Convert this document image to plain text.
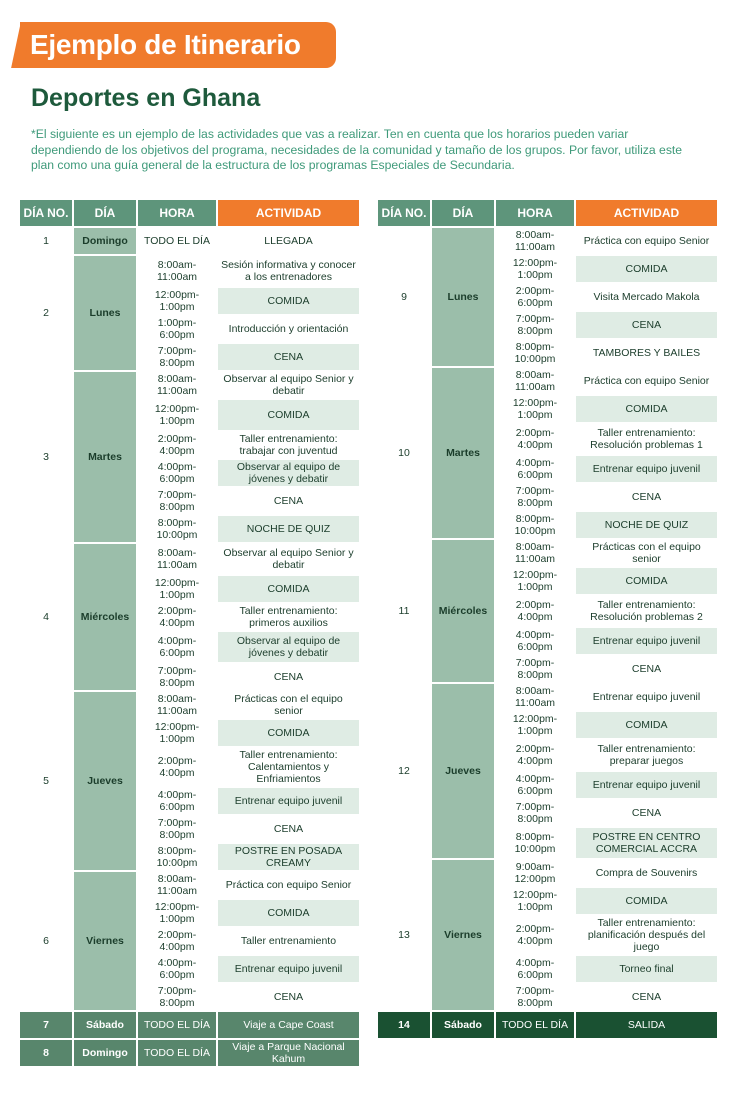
Ejemplo de Itinerario
Deportes en Ghana
*El siguiente es un ejemplo de las actividades que vas a realizar. Ten en cuenta que los horarios pueden variar dependiendo de los objetivos del programa, necesidades de la comunidad y tamaño de los grupos. Por favor, utiliza este plan como una guía general de la estructura de los programas Especiales de Secundaria.
DÍA NO.	DÍA	HORA	ACTIVIDAD
1	Domingo	TODO EL DÍA	LLEGADA
2	Lunes	8:00am-11:00am	Sesión informativa y conocer a los entrenadores
		12:00pm-1:00pm	COMIDA
		1:00pm-6:00pm	Introducción y orientación
		7:00pm-8:00pm	CENA
3	Martes	8:00am-11:00am	Observar al equipo Senior y debatir
		12:00pm-1:00pm	COMIDA
		2:00pm-4:00pm	Taller entrenamiento: trabajar con juventud
		4:00pm-6:00pm	Observar al equipo de jóvenes y debatir
		7:00pm-8:00pm	CENA
		8:00pm-10:00pm	NOCHE DE QUIZ
4	Miércoles	8:00am-11:00am	Observar al equipo Senior y debatir
		12:00pm-1:00pm	COMIDA
		2:00pm-4:00pm	Taller entrenamiento: primeros auxilios
		4:00pm-6:00pm	Observar al equipo de jóvenes y debatir
		7:00pm-8:00pm	CENA
5	Jueves	8:00am-11:00am	Prácticas con el equipo senior
		12:00pm-1:00pm	COMIDA
		2:00pm-4:00pm	Taller entrenamiento: Calentamientos y Enfriamientos
		4:00pm-6:00pm	Entrenar equipo juvenil
		7:00pm-8:00pm	CENA
		8:00pm-10:00pm	POSTRE EN POSADA CREAMY
6	Viernes	8:00am-11:00am	Práctica con equipo Senior
		12:00pm-1:00pm	COMIDA
		2:00pm-4:00pm	Taller entrenamiento
		4:00pm-6:00pm	Entrenar equipo juvenil
		7:00pm-8:00pm	CENA
7	Sábado	TODO EL DÍA	Viaje a Cape Coast
8	Domingo	TODO EL DÍA	Viaje a Parque Nacional Kahum
DÍA NO.	DÍA	HORA	ACTIVIDAD
9	Lunes	8:00am-11:00am	Práctica con equipo Senior
		12:00pm-1:00pm	COMIDA
		2:00pm-6:00pm	Visita Mercado Makola
		7:00pm-8:00pm	CENA
		8:00pm-10:00pm	TAMBORES Y BAILES
10	Martes	8:00am-11:00am	Práctica con equipo Senior
		12:00pm-1:00pm	COMIDA
		2:00pm-4:00pm	Taller entrenamiento: Resolución problemas 1
		4:00pm-6:00pm	Entrenar equipo juvenil
		7:00pm-8:00pm	CENA
		8:00pm-10:00pm	NOCHE DE QUIZ
11	Miércoles	8:00am-11:00am	Prácticas con el equipo senior
		12:00pm-1:00pm	COMIDA
		2:00pm-4:00pm	Taller entrenamiento: Resolución problemas 2
		4:00pm-6:00pm	Entrenar equipo juvenil
		7:00pm-8:00pm	CENA
12	Jueves	8:00am-11:00am	Entrenar equipo juvenil
		12:00pm-1:00pm	COMIDA
		2:00pm-4:00pm	Taller entrenamiento: preparar juegos
		4:00pm-6:00pm	Entrenar equipo juvenil
		7:00pm-8:00pm	CENA
		8:00pm-10:00pm	POSTRE EN CENTRO COMERCIAL ACCRA
13	Viernes	9:00am-12:00pm	Compra de Souvenirs
		12:00pm-1:00pm	COMIDA
		2:00pm-4:00pm	Taller entrenamiento: planificación después del juego
		4:00pm-6:00pm	Torneo final
		7:00pm-8:00pm	CENA
14	Sábado	TODO EL DÍA	SALIDA
